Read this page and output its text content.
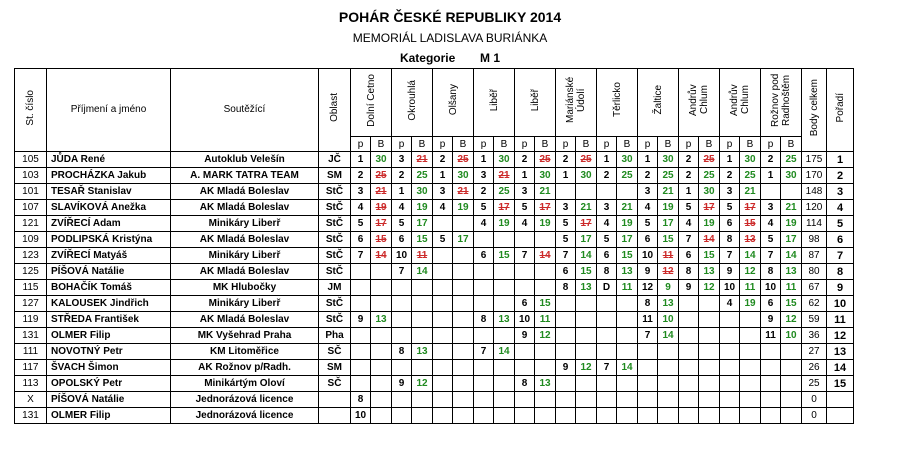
POHÁR ČESKÉ REPUBLIKY 2014
MEMORIÁL LADISLAVA BURIÁNKA
Kategorie M 1
St. číslo	Příjmení a jméno	Soutěžící	Oblast	Dolní Cetno		Okrouhlá		Olšany		Liběř		Liběř		Mariánské Údolí		Těrlicko		Žaltice		Andrův Chlum		Andrův Chlum		Rožnov pod Radhoštěm		Body celkem	Pořadí
				p	B	p	B	p	B	p	B	p	B	p	B	p	B	p	B	p	B	p	B	p	B		
105	JŮDA René	Autoklub Velešín	JČ	1	30	3	21	2	25	1	30	2	25	2	25	1	30	1	30	2	25	1	30	2	25	175	1
103	PROCHÁZKA Jakub	A. MARK TATRA TEAM	SM	2	25	2	25	1	30	3	21	1	30	1	30	2	25	2	25	2	25	2	25	1	30	170	2
101	TESAŘ Stanislav	AK Mladá Boleslav	StČ	3	21	1	30	3	21	2	25	3	21					3	21	1	30	3	21			148	3
107	SLAVÍKOVÁ Anežka	AK Mladá Boleslav	StČ	4	19	4	19	4	19	5	17	5	17	3	21	3	21	4	19	5	17	5	17	3	21	120	4
121	ZVÍŘECÍ Adam	Minikáry Liberř	StČ	5	17	5	17			4	19	4	19	5	17	4	19	5	17	4	19	6	15	4	19	114	5
109	PODLIPSKÁ Kristýna	AK Mladá Boleslav	StČ	6	15	6	15	5	17					5	17	5	17	6	15	7	14	8	13	5	17	98	6
123	ZVÍŘECÍ Matyáš	Minikáry Liberř	StČ	7	14	10	11			6	15	7	14	7	14	6	15	10	11	6	15	7	14	7	14	87	7
125	PÍŠOVÁ Natálie	AK Mladá Boleslav	StČ			7	14							6	15	8	13	9	12	8	13	9	12	8	13	80	8
115	BOHAČÍK Tomáš	MK Hlubočky	JM											8	13	D	11	12	9	9	12	10	11	10	11	67	9
127	KALOUSEK Jindřich	Minikáry Liberř	StČ									6	15					8	13			4	19	6	15	62	10
119	STŘEDA František	AK Mladá Boleslav	StČ	9	13					8	13	10	11					11	10					9	12	59	11
131	OLMER Filip	MK Vyšehrad Praha	Pha									9	12					7	14					11	10	36	12
111	NOVOTNÝ Petr	KM Litoměřice	SČ			8	13			7	14															27	13
117	ŠVACH Šimon	AK Rožnov p/Radh.	SM											9	12	7	14									26	14
113	OPOLSKÝ Petr	Minikártým Oloví	SČ			9	12					8	13													25	15
X	PÍŠOVÁ Natálie	Jednorázová licence		8																						0	
131	OLMER Filip	Jednorázová licence		10																						0	
